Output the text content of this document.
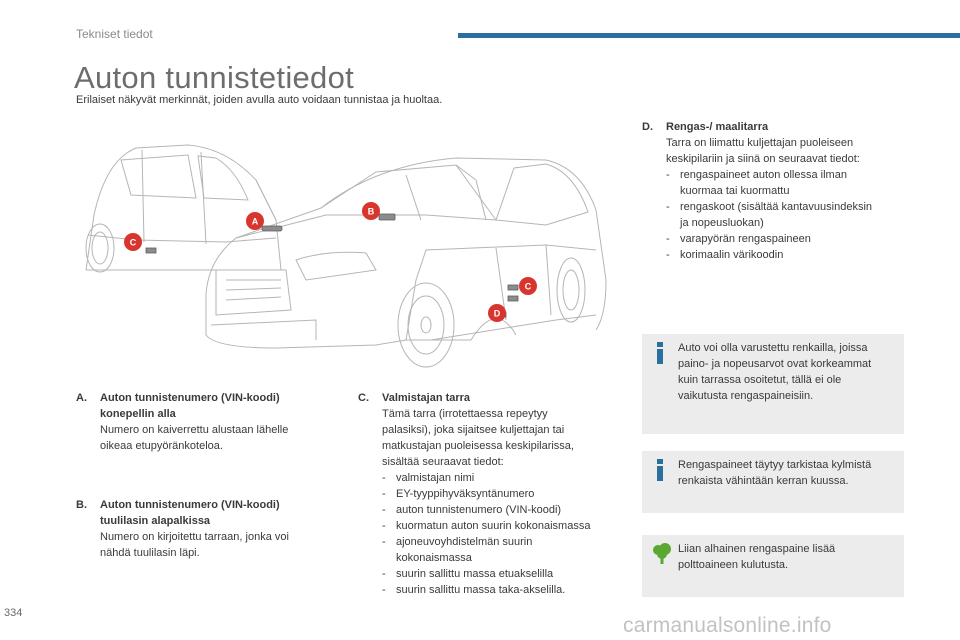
Tekniset tiedot
Auton tunnistetiedot

Erilaiset näkyvät merkinnät, joiden avulla auto voidaan tunnistaa ja huoltaa.

A
B
C
C
D
A.	Auton tunnistenumero (VIN-koodi)
konepellin alla
Numero on kaiverrettu alustaan lähelle
oikeaa etupyöränkoteloa.
B.	Auton tunnistenumero (VIN-koodi)
tuulilasin alapalkissa
Numero on kirjoitettu tarraan, jonka voi
nähdä tuulilasin läpi.
C.	Valmistajan tarra
Tämä tarra (irrotettaessa repeytyy
palasiksi), joka sijaitsee kuljettajan tai
matkustajan puoleisessa keskipilarissa,
sisältää seuraavat tiedot:
- valmistajan nimi
- EY-tyyppihyväksyntänumero
- auton tunnistenumero (VIN-koodi)
- kuormatun auton suurin kokonaismassa
- ajoneuvoyhdistelmän suurin
kokonaismassa
- suurin sallittu massa etuakselilla
- suurin sallittu massa taka-akselilla.
D.	Rengas-/ maalitarra
Tarra on liimattu kuljettajan puoleiseen
keskipilariin ja siinä on seuraavat tiedot:
- rengaspaineet auton ollessa ilman
kuormaa tai kuormattu
- rengaskoot (sisältää kantavuusindeksin
ja nopeusluokan)
- varapyörän rengaspaineen
- korimaalin värikoodin
Auto voi olla varustettu renkailla, joissa
paino- ja nopeusarvot ovat korkeammat
kuin tarrassa osoitetut, tällä ei ole
vaikutusta rengaspaineisiin.
Rengaspaineet täytyy tarkistaa kylmistä
renkaista vähintään kerran kuussa.
Liian alhainen rengaspaine lisää
polttoaineen kulutusta.
334
carmanualsonline.info
